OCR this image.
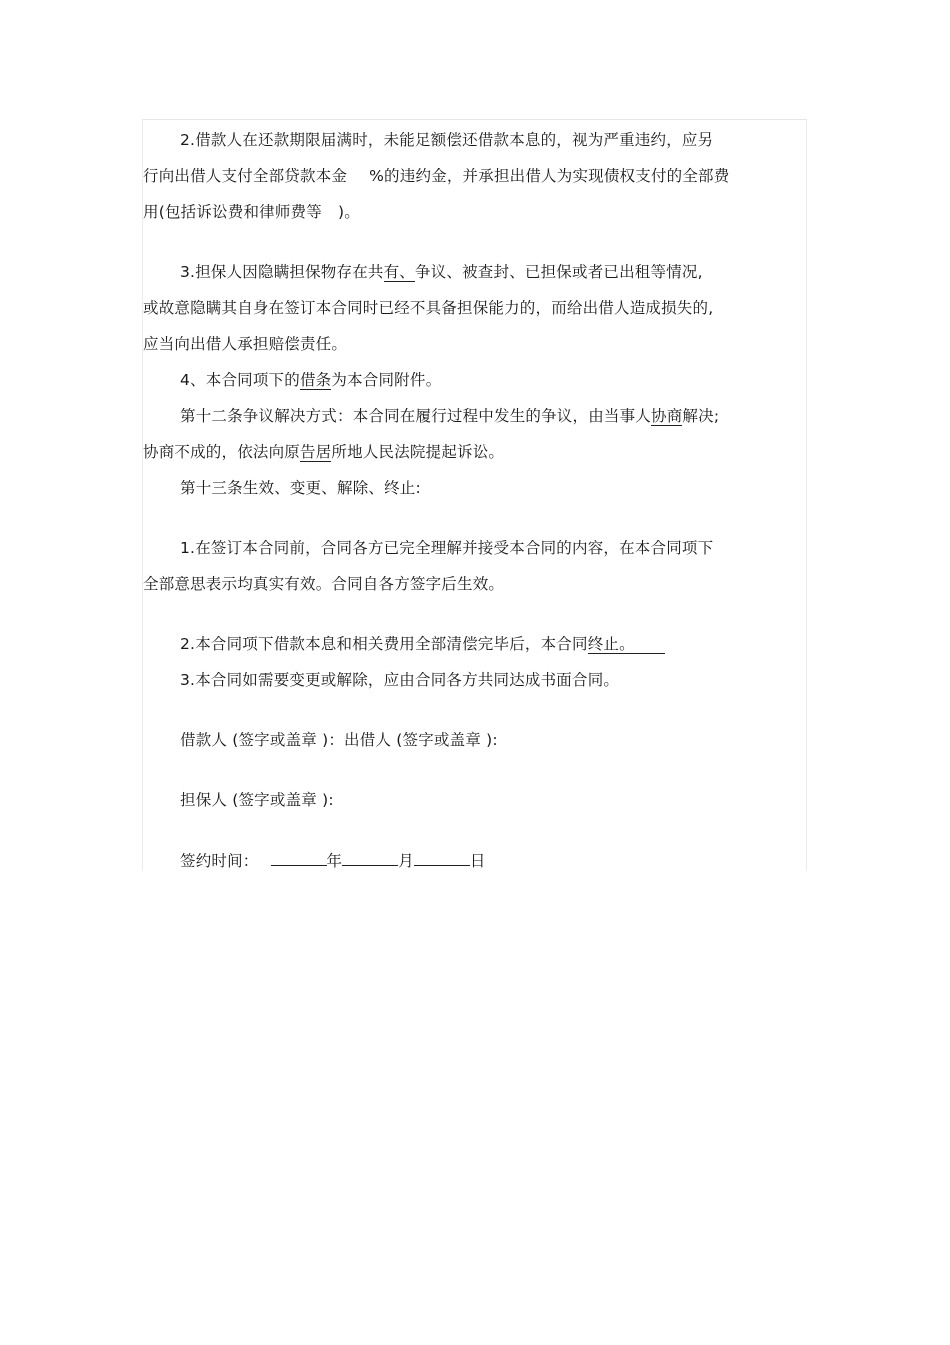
2.借款人在还款期限届满时，未能足额偿还借款本息的，视为严重违约，应另
行向出借人支付全部贷款本金 %的违约金，并承担出借人为实现债权支付的全部费
用(包括诉讼费和律师费等 )。
3.担保人因隐瞒担保物存在共有、争议、被查封、已担保或者已出租等情况,
或故意隐瞒其自身在签订本合同时已经不具备担保能力的，而给出借人造成损失的,
应当向出借人承担赔偿责任。
4、本合同项下的借条为本合同附件。
第十二条争议解决方式：本合同在履行过程中发生的争议，由当事人协商解决;
协商不成的，依法向原告居所地人民法院提起诉讼。
第十三条生效、变更、解除、终止:
1.在签订本合同前，合同各方已完全理解并接受本合同的内容，在本合同项下
全部意思表示均真实有效。合同自各方签字后生效。
2.本合同项下借款本息和相关费用全部清偿完毕后，本合同终止。
3.本合同如需要变更或解除，应由合同各方共同达成书面合同。
借款人 (签字或盖章 )：出借人 (签字或盖章 ):
担保人 (签字或盖章 ):
签约时间：	年	月	日
